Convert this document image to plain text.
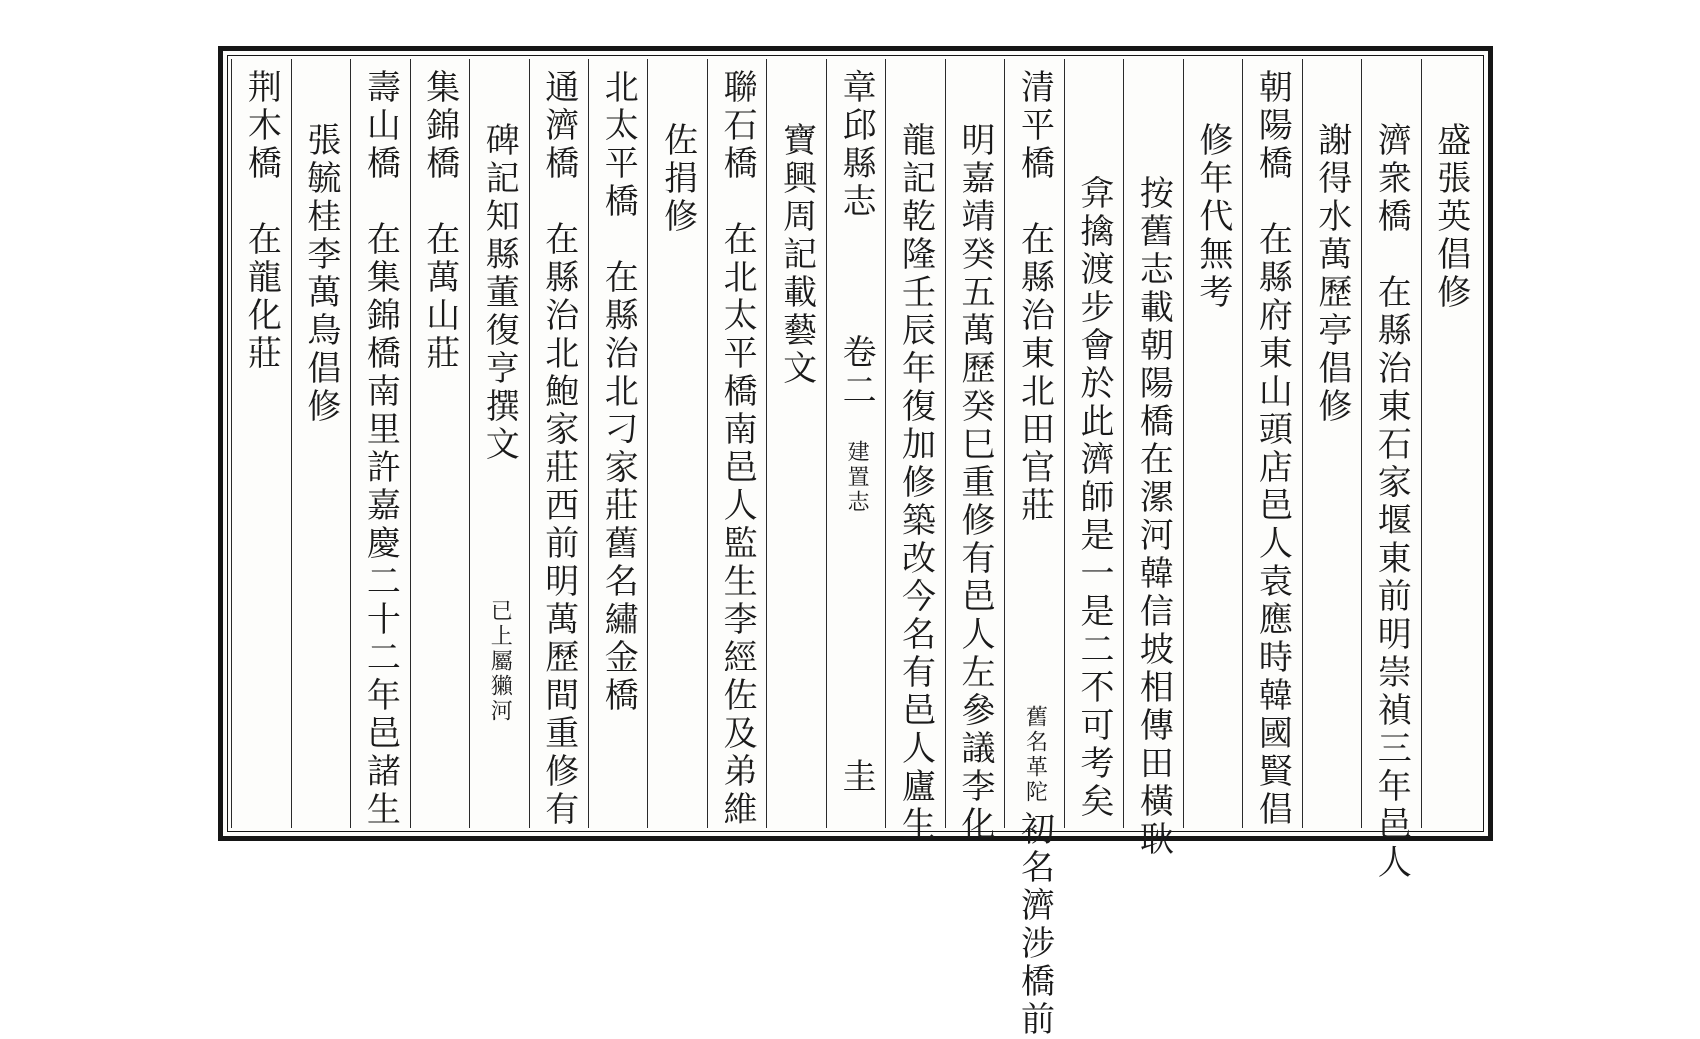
盛張英倡修
濟衆橋　在縣治東石家堰東前明崇禎三年邑人
謝得水萬歷亭倡修
朝陽橋　在縣府東山頭店邑人袁應時韓國賢倡
修年代無考
按舊志載朝陽橋在漯河韓信坡相傳田橫耿
弇擒渡步會於此濟師是一是二不可考矣
清平橋　在縣治東北田官莊
舊名革陀
初名濟涉橋前
明嘉靖癸五萬歷癸巳重修有邑人左參議李化
龍記乾隆壬辰年復加修築改今名有邑人廬生
章邱縣志
卷二
建置志
圭
寶興周記載藝文
聯石橋　在北太平橋南邑人監生李經佐及弟維
佐捐修
北太平橋　在縣治北刁家莊舊名繡金橋
通濟橋　在縣治北鮑家莊西前明萬歷間重修有
碑記知縣董復亨撰文
已上屬獺河
集錦橋　在萬山莊
壽山橋　在集錦橋南里許嘉慶二十二年邑諸生
張毓桂李萬鳥倡修
荆木橋　在龍化莊
